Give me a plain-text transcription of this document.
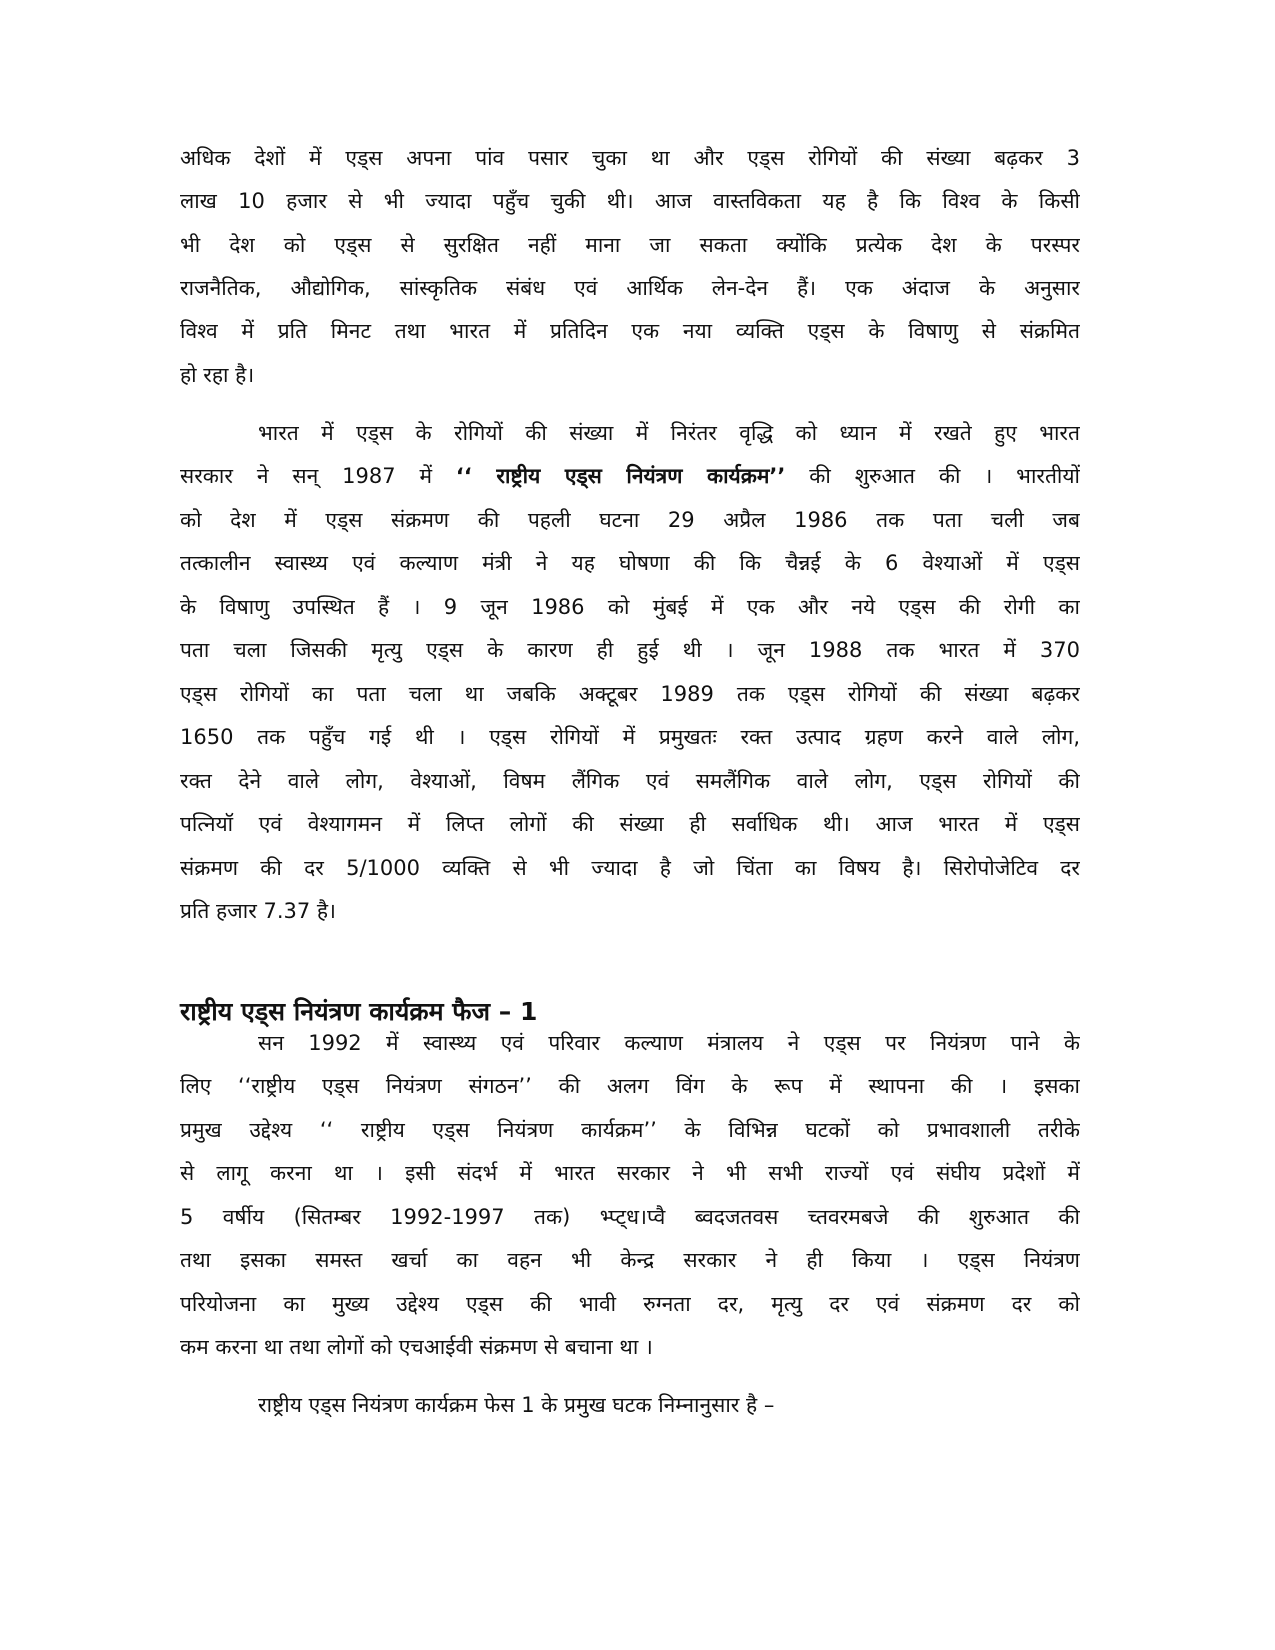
अधिक देशों में एड्स अपना पांव पसार चुका था और एड्स रोगियों की संख्या बढ़कर 3
लाख 10 हजार से भी ज्यादा पहुँच चुकी थी। आज वास्तविकता यह है कि विश्व के किसी
भी देश को एड्स से सुरक्षित नहीं माना जा सकता क्योंकि प्रत्येक देश के परस्पर
राजनैतिक, औद्योगिक, सांस्कृतिक संबंध एवं आर्थिक लेन-देन हैं। एक अंदाज के अनुसार
विश्व में प्रति मिनट तथा भारत में प्रतिदिन एक नया व्यक्ति एड्स के विषाणु से संक्रमित
हो रहा है।
भारत में एड्स के रोगियों की संख्या में निरंतर वृद्धि को ध्यान में रखते हुए भारत
सरकार ने सन् 1987 में ‘‘ राष्ट्रीय एड्स नियंत्रण कार्यक्रम’’ की शुरुआत की । भारतीयों
को देश में एड्स संक्रमण की पहली घटना 29 अप्रैल 1986 तक पता चली जब
तत्कालीन स्वास्थ्य एवं कल्याण मंत्री ने यह घोषणा की कि चैन्नई के 6 वेश्याओं में एड्स
के विषाणु उपस्थित हैं । 9 जून 1986 को मुंबई में एक और नये एड्स की रोगी का
पता चला जिसकी मृत्यु एड्स के कारण ही हुई थी । जून 1988 तक भारत में 370
एड्स रोगियों का पता चला था जबकि अक्टूबर 1989 तक एड्स रोगियों की संख्या बढ़कर
1650 तक पहुँच गई थी । एड्स रोगियों में प्रमुखतः रक्त उत्पाद ग्रहण करने वाले लोग,
रक्त देने वाले लोग, वेश्याओं, विषम लैंगिक एवं समलैंगिक वाले लोग, एड्स रोगियों की
पत्नियॉ एवं वेश्यागमन में लिप्त लोगों की संख्या ही सर्वाधिक थी। आज भारत में एड्स
संक्रमण की दर 5/1000 व्यक्ति से भी ज्यादा है जो चिंता का विषय है। सिरोपोजेटिव दर
प्रति हजार 7.37 है।
राष्ट्रीय एड्स नियंत्रण कार्यक्रम फैज – 1
सन 1992 में स्वास्थ्य एवं परिवार कल्याण मंत्रालय ने एड्स पर नियंत्रण पाने के
लिए ‘‘राष्ट्रीय एड्स नियंत्रण संगठन’’ की अलग विंग के रूप में स्थापना की । इसका
प्रमुख उद्देश्य ‘‘ राष्ट्रीय एड्स नियंत्रण कार्यक्रम’’ के विभिन्न घटकों को प्रभावशाली तरीके
से लागू करना था । इसी संदर्भ में भारत सरकार ने भी सभी राज्यों एवं संघीय प्रदेशों में
5 वर्षीय (सितम्बर 1992-1997 तक) भ्प्ट्ध।प्वै ब्वदजतवस च्तवरमबजे की शुरुआत की
तथा इसका समस्त खर्चा का वहन भी केन्द्र सरकार ने ही किया । एड्स नियंत्रण
परियोजना का मुख्य उद्देश्य एड्स की भावी रुग्नता दर, मृत्यु दर एवं संक्रमण दर को
कम करना था तथा लोगों को एचआईवी संक्रमण से बचाना था ।
राष्ट्रीय एड्स नियंत्रण कार्यक्रम फेस 1 के प्रमुख घटक निम्नानुसार है –
